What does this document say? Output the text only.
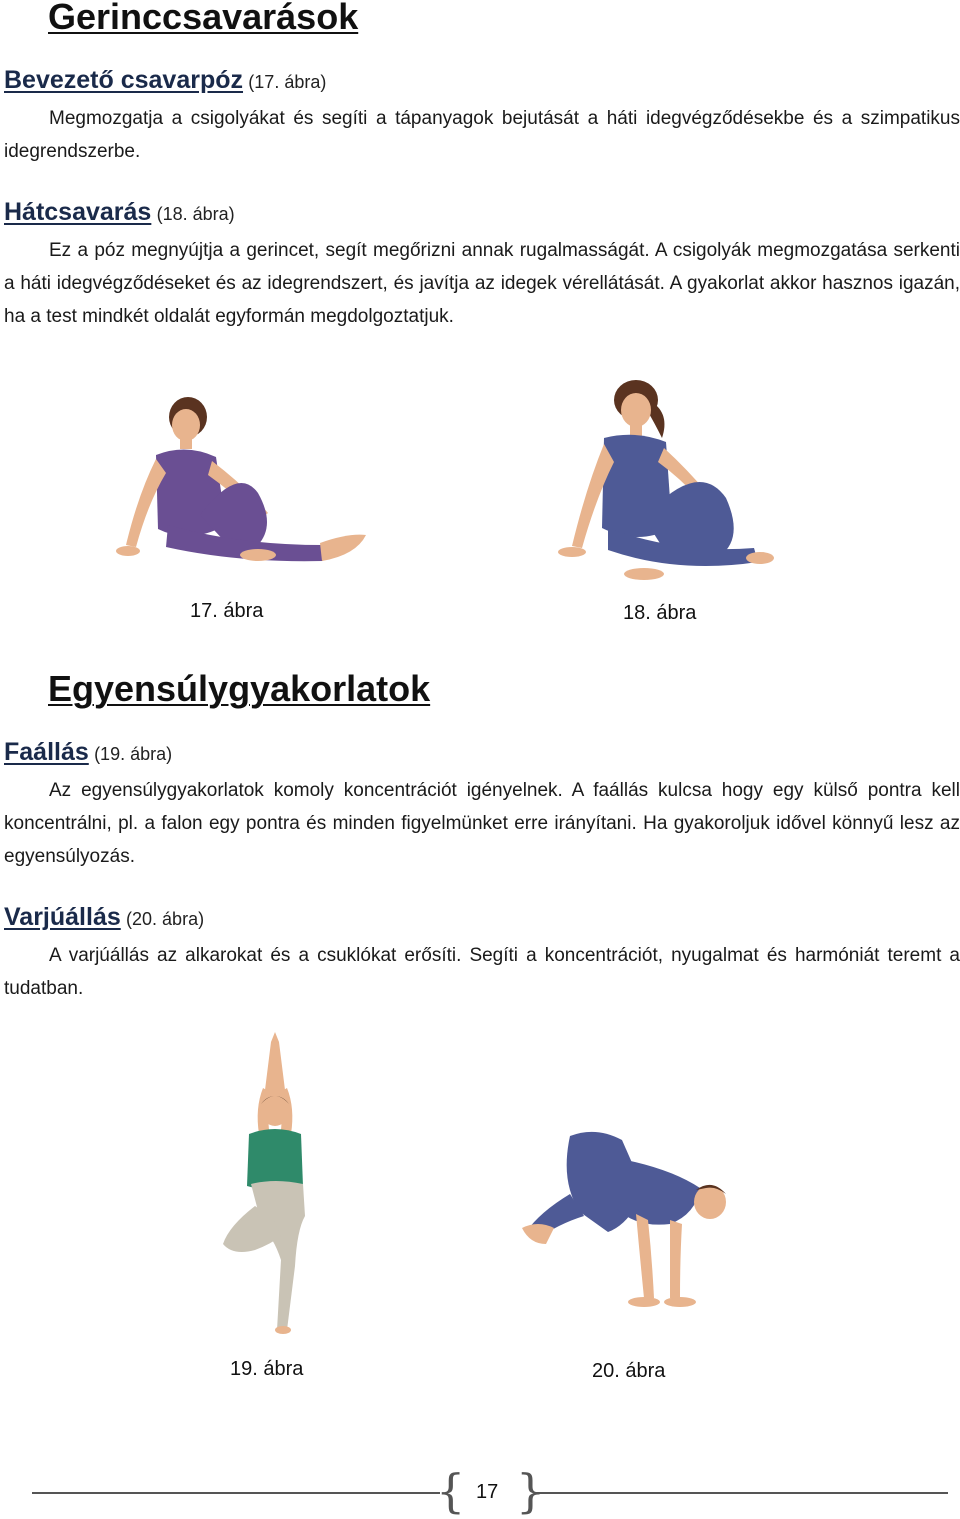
Gerinccsavarások
Bevezető csavarpóz (17. ábra)

Megmozgatja a csigolyákat és segíti a tápanyagok bejutását a háti idegvégződésekbe és a szimpatikus idegrendszerbe.

Hátcsavarás (18. ábra)

Ez a póz megnyújtja a gerincet, segít megőrizni annak rugalmasságát. A csigolyák megmozgatása serkenti a háti idegvégződéseket és az idegrendszert, és javítja az idegek vérellátását. A gyakorlat akkor hasznos igazán, ha a test mindkét oldalát egyformán megdolgoztatjuk.

17. ábra	18. ábra
Egyensúlygyakorlatok
Faállás (19. ábra)

Az egyensúlygyakorlatok komoly koncentrációt igényelnek. A faállás kulcsa hogy egy külső pontra kell koncentrálni, pl. a falon egy pontra és minden figyelmünket erre irányítani. Ha gyakoroljuk idővel könnyű lesz az egyensúlyozás.

Varjúállás (20. ábra)

A varjúállás az alkarokat és a csuklókat erősíti. Segíti a koncentrációt, nyugalmat és harmóniát teremt a tudatban.

19. ábra	20. ábra
{ }
17
